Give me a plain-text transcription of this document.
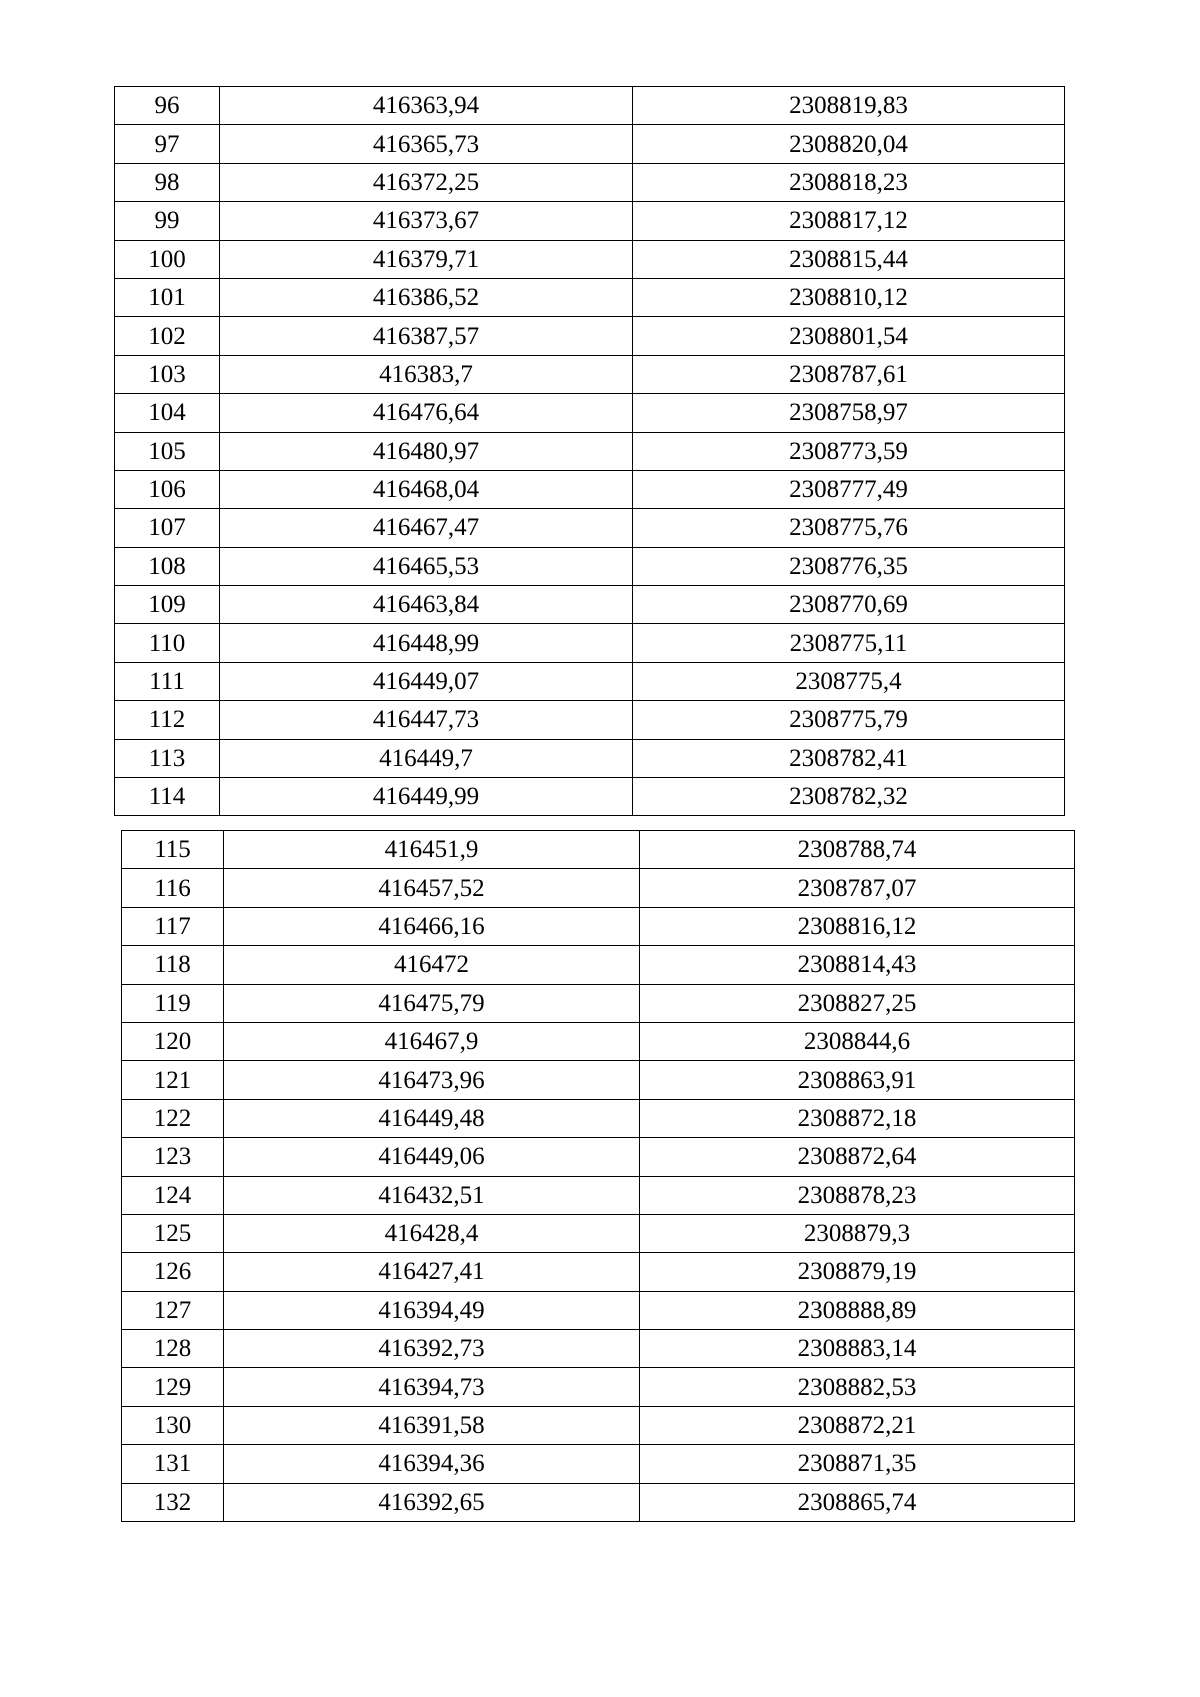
96	416363,94	2308819,83
97	416365,73	2308820,04
98	416372,25	2308818,23
99	416373,67	2308817,12
100	416379,71	2308815,44
101	416386,52	2308810,12
102	416387,57	2308801,54
103	416383,7	2308787,61
104	416476,64	2308758,97
105	416480,97	2308773,59
106	416468,04	2308777,49
107	416467,47	2308775,76
108	416465,53	2308776,35
109	416463,84	2308770,69
110	416448,99	2308775,11
111	416449,07	2308775,4
112	416447,73	2308775,79
113	416449,7	2308782,41
114	416449,99	2308782,32
115	416451,9	2308788,74
116	416457,52	2308787,07
117	416466,16	2308816,12
118	416472	2308814,43
119	416475,79	2308827,25
120	416467,9	2308844,6
121	416473,96	2308863,91
122	416449,48	2308872,18
123	416449,06	2308872,64
124	416432,51	2308878,23
125	416428,4	2308879,3
126	416427,41	2308879,19
127	416394,49	2308888,89
128	416392,73	2308883,14
129	416394,73	2308882,53
130	416391,58	2308872,21
131	416394,36	2308871,35
132	416392,65	2308865,74
